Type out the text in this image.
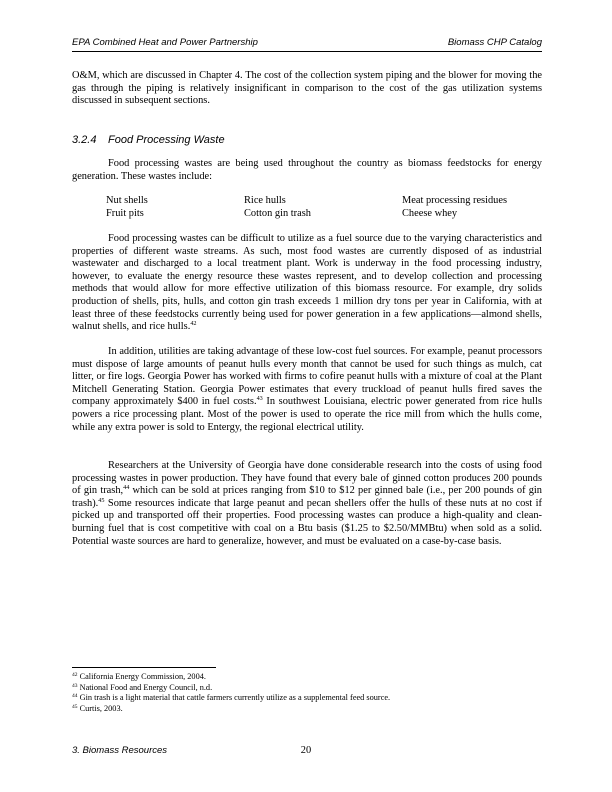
EPA Combined Heat and Power Partnership	Biomass CHP Catalog

O&M, which are discussed in Chapter 4. The cost of the collection system piping and the blower for moving the gas through the piping is relatively insignificant in comparison to the cost of the gas utilization systems discussed in subsequent sections.

3.2.4 Food Processing Waste

Food processing wastes are being used throughout the country as biomass feedstocks for energy generation. These wastes include:

Nut shells	Rice hulls	Meat processing residues
Fruit pits	Cotton gin trash	Cheese whey

Food processing wastes can be difficult to utilize as a fuel source due to the varying characteristics and properties of different waste streams. As such, most food wastes are currently disposed of as industrial wastewater and discharged to a local treatment plant. Work is underway in the food processing industry, however, to evaluate the energy resource these wastes represent, and to develop collection and processing methods that would allow for more effective utilization of this biomass resource. For example, dry solids production of shells, pits, hulls, and cotton gin trash exceeds 1 million dry tons per year in California, with at least three of these feedstocks currently being used for power generation in a few applications—almond shells, walnut shells, and rice hulls.$^{42}$

In addition, utilities are taking advantage of these low-cost fuel sources. For example, peanut processors must dispose of large amounts of peanut hulls every month that cannot be used for such things as mulch, cat litter, or fire logs. Georgia Power has worked with firms to cofire peanut hulls with a mixture of coal at the Plant Mitchell Generating Station. Georgia Power estimates that every truckload of peanut hulls fired saves the company approximately $400 in fuel costs.$^{43}$ In southwest Louisiana, electric power generated from rice hulls powers a rice processing plant. Most of the power is used to operate the rice mill from which the hulls come, while any extra power is sold to Entergy, the regional electrical utility.

Researchers at the University of Georgia have done considerable research into the costs of using food processing wastes in power production. They have found that every bale of ginned cotton produces 200 pounds of gin trash,$^{44}$ which can be sold at prices ranging from $10 to $12 per ginned bale (i.e., per 200 pounds of gin trash).$^{45}$ Some resources indicate that large peanut and pecan shellers offer the hulls of these nuts at no cost if picked up and transported off their properties. Food processing wastes can produce a high-quality and clean-burning fuel that is cost competitive with coal on a Btu basis ($1.25 to $2.50/MMBtu) when sold as a solid. Potential waste sources are hard to generalize, however, and must be evaluated on a case-by-case basis.

$^{42}$ California Energy Commission, 2004.
$^{43}$ National Food and Energy Council, n.d.
$^{44}$ Gin trash is a light material that cattle farmers currently utilize as a supplemental feed source.
$^{45}$ Curtis, 2003.
3. Biomass Resources	20
